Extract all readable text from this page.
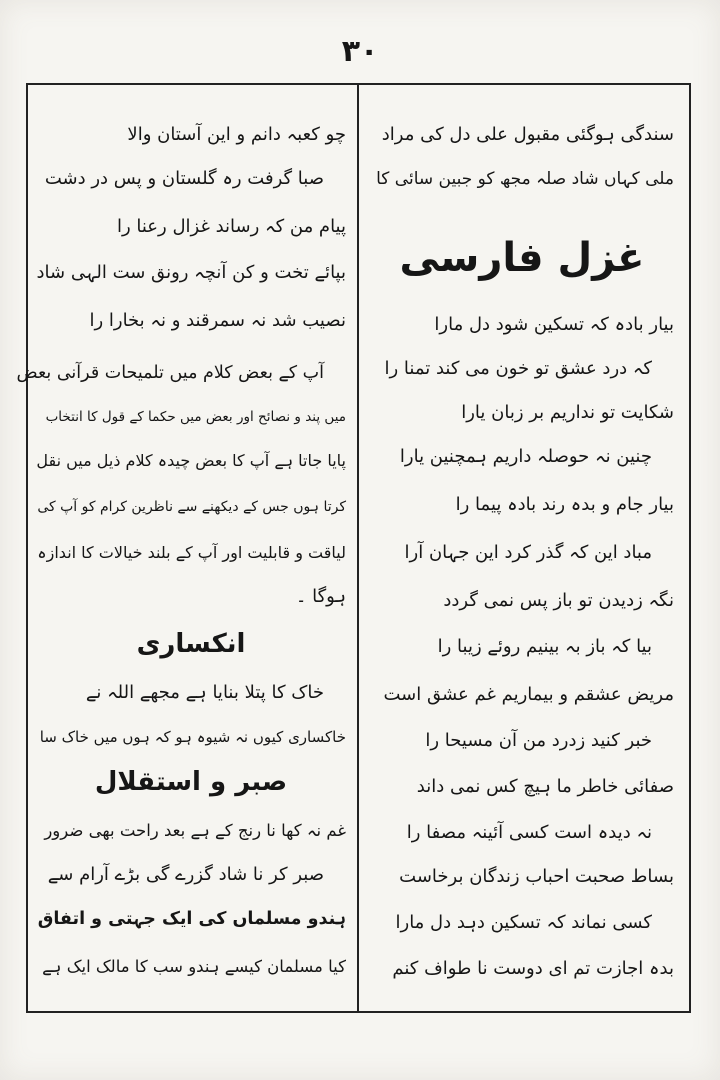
۳۰
سندگی ہوگئی مقبول علی دل کی مراد
ملی کہاں شاد صلہ مجھ کو جبین سائی کا
غزل فارسی
بیار بادہ کہ تسکین شود دل مارا
کہ درد عشق تو خون می کند تمنا را
شکایت تو نداریم بر زبان یارا
چنین نہ حوصلہ داریم ہمچنین یارا
بیار جام و بدہ رند بادہ پیما را
مباد این کہ گذر کرد این جہان آرا
نگہ زدیدن تو باز پس نمی گردد
بیا کہ باز بہ بینیم روئے زیبا را
مریض عشقم و بیماریم غم عشق است
خبر کنید زدرد من آن مسیحا را
صفائی خاطر ما ہیچ کس نمی داند
نہ دیدہ است کسی آئینہ مصفا را
بساط صحبت احباب زندگان برخاست
کسی نماند کہ تسکین دہد دل مارا
بدہ اجازت تم ای دوست نا طواف کنم
چو کعبہ دانم و این آستان والا
صبا گرفت رہ گلستان و پس در دشت
پیام من کہ رساند غزال رعنا را
بپائے تخت و کن آنچہ رونق ست الہی شاد
نصیب شد نہ سمرقند و نہ بخارا را
آپ کے بعض کلام میں تلمیحات قرآنی بعض
میں پند و نصائح اور بعض میں حکما کے قول کا انتخاب
پایا جاتا ہے آپ کا بعض چیدہ کلام ذیل میں نقل
کرتا ہوں جس کے دیکھنے سے ناظرین کرام کو آپ کی
لیاقت و قابلیت اور آپ کے بلند خیالات کا اندازہ
ہوگا ۔
انکساری
خاک کا پتلا بنایا ہے مجھے اللہ نے
خاکساری کیوں نہ شیوہ ہو کہ ہوں میں خاک سا
صبر و استقلال
غم نہ کھا نا رنج کے ہے بعد راحت بھی ضرور
صبر کر نا شاد گزرے گی بڑے آرام سے
ہندو مسلماں کی ایک جہتی و اتفاق
کیا مسلمان کیسے ہندو سب کا مالک ایک ہے
